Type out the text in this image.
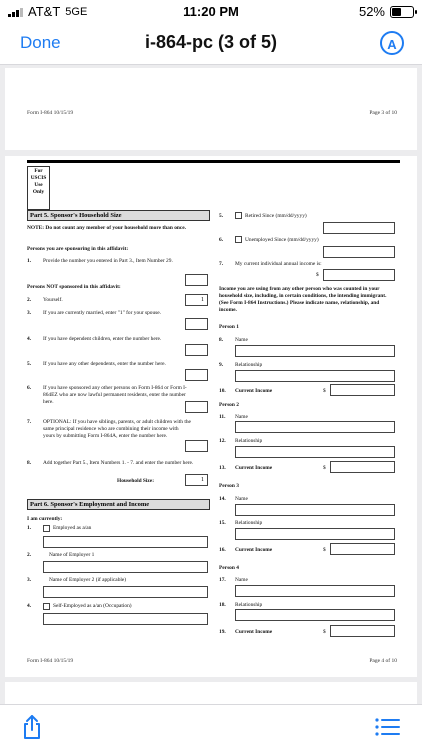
AT&T 5GE	11:20 PM	52%
Done	i-864-pc (3 of 5)	A
Form I-864 10/15/19	Page 3 of 10
For
USCIS
Use
Only
Part 5. Sponsor's Household Size
NOTE: Do not count any member of your household more than once.
Persons you are sponsoring in this affidavit:
1. Provide the number you entered in Part 3., Item Number 29.
Persons NOT sponsored in this affidavit:
2. Yourself.	1
3. If you are currently married, enter "1" for your spouse.
4. If you have dependent children, enter the number here.
5. If you have any other dependents, enter the number here.
6. If you have sponsored any other persons on Form I-864 or Form I-864EZ who are now lawful permanent residents, enter the number here.
7. OPTIONAL: If you have siblings, parents, or adult children with the same principal residence who are combining their income with yours by submitting Form I-864A, enter the number here.
8. Add together Part 5., Item Numbers 1. - 7. and enter the number here.
Household Size:	1
Part 6. Sponsor's Employment and Income
I am currently:
1.	Employed as a/an
2.	Name of Employer 1
3.	Name of Employer 2 (if applicable)
4.	Self-Employed as a/an (Occupation)
5.	Retired Since (mm/dd/yyyy)
6.	Unemployed Since (mm/dd/yyyy)
7. My current individual annual income is:
$
Income you are using from any other person who was counted in your household size, including, in certain conditions, the intending immigrant. (See Form I-864 Instructions.) Please indicate name, relationship, and income.
Person 1
8. Name
9. Relationship
10. Current Income	$
Person 2
11. Name
12. Relationship
13. Current Income	$
Person 3
14. Name
15. Relationship
16. Current Income	$
Person 4
17. Name
18. Relationship
19. Current Income	$
Form I-864 10/15/19	Page 4 of 10
